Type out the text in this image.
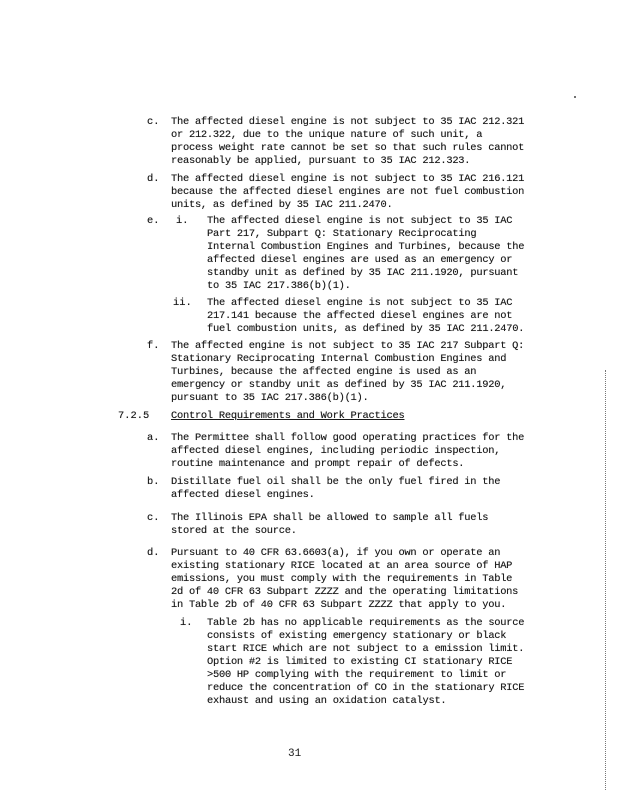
c. The affected diesel engine is not subject to 35 IAC 212.321
or 212.322, due to the unique nature of such unit, a
process weight rate cannot be set so that such rules cannot
reasonably be applied, pursuant to 35 IAC 212.323.
d. The affected diesel engine is not subject to 35 IAC 216.121
because the affected diesel engines are not fuel combustion
units, as defined by 35 IAC 211.2470.
e. i. The affected diesel engine is not subject to 35 IAC
Part 217, Subpart Q: Stationary Reciprocating
Internal Combustion Engines and Turbines, because the
affected diesel engines are used as an emergency or
standby unit as defined by 35 IAC 211.1920, pursuant
to 35 IAC 217.386(b)(1).
ii. The affected diesel engine is not subject to 35 IAC
217.141 because the affected diesel engines are not
fuel combustion units, as defined by 35 IAC 211.2470.
f. The affected engine is not subject to 35 IAC 217 Subpart Q:
Stationary Reciprocating Internal Combustion Engines and
Turbines, because the affected engine is used as an
emergency or standby unit as defined by 35 IAC 211.1920,
pursuant to 35 IAC 217.386(b)(1).
7.2.5 Control Requirements and Work Practices
a. The Permittee shall follow good operating practices for the
affected diesel engines, including periodic inspection,
routine maintenance and prompt repair of defects.
b. Distillate fuel oil shall be the only fuel fired in the
affected diesel engines.
c. The Illinois EPA shall be allowed to sample all fuels
stored at the source.
d. Pursuant to 40 CFR 63.6603(a), if you own or operate an
existing stationary RICE located at an area source of HAP
emissions, you must comply with the requirements in Table
2d of 40 CFR 63 Subpart ZZZZ and the operating limitations
in Table 2b of 40 CFR 63 Subpart ZZZZ that apply to you.
i. Table 2b has no applicable requirements as the source
consists of existing emergency stationary or black
start RICE which are not subject to a emission limit.
Option #2 is limited to existing CI stationary RICE
>500 HP complying with the requirement to limit or
reduce the concentration of CO in the stationary RICE
exhaust and using an oxidation catalyst.
31
